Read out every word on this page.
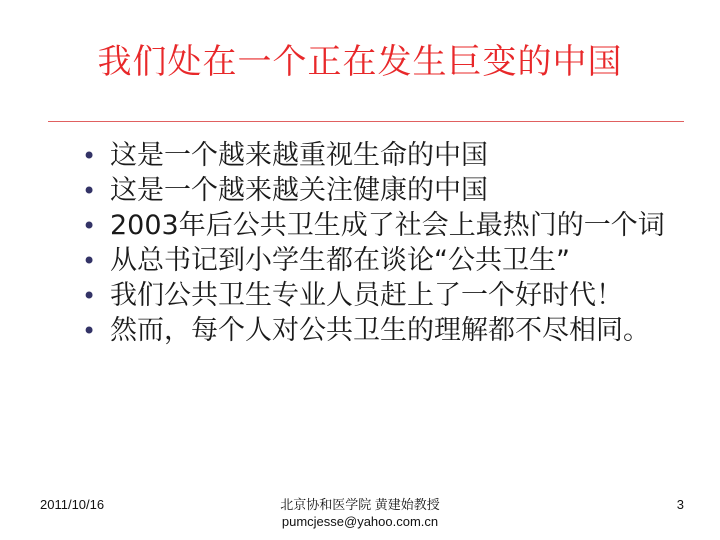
我们处在一个正在发生巨变的中国
• 这是一个越来越重视生命的中国
• 这是一个越来越关注健康的中国
• 2003年后公共卫生成了社会上最热门的一个词
• 从总书记到小学生都在谈论“公共卫生”
• 我们公共卫生专业人员赶上了一个好时代！
• 然而，每个人对公共卫生的理解都不尽相同。
2011/10/16	北京协和医学院 黄建始教授
pumcjesse@yahoo.com.cn
3
